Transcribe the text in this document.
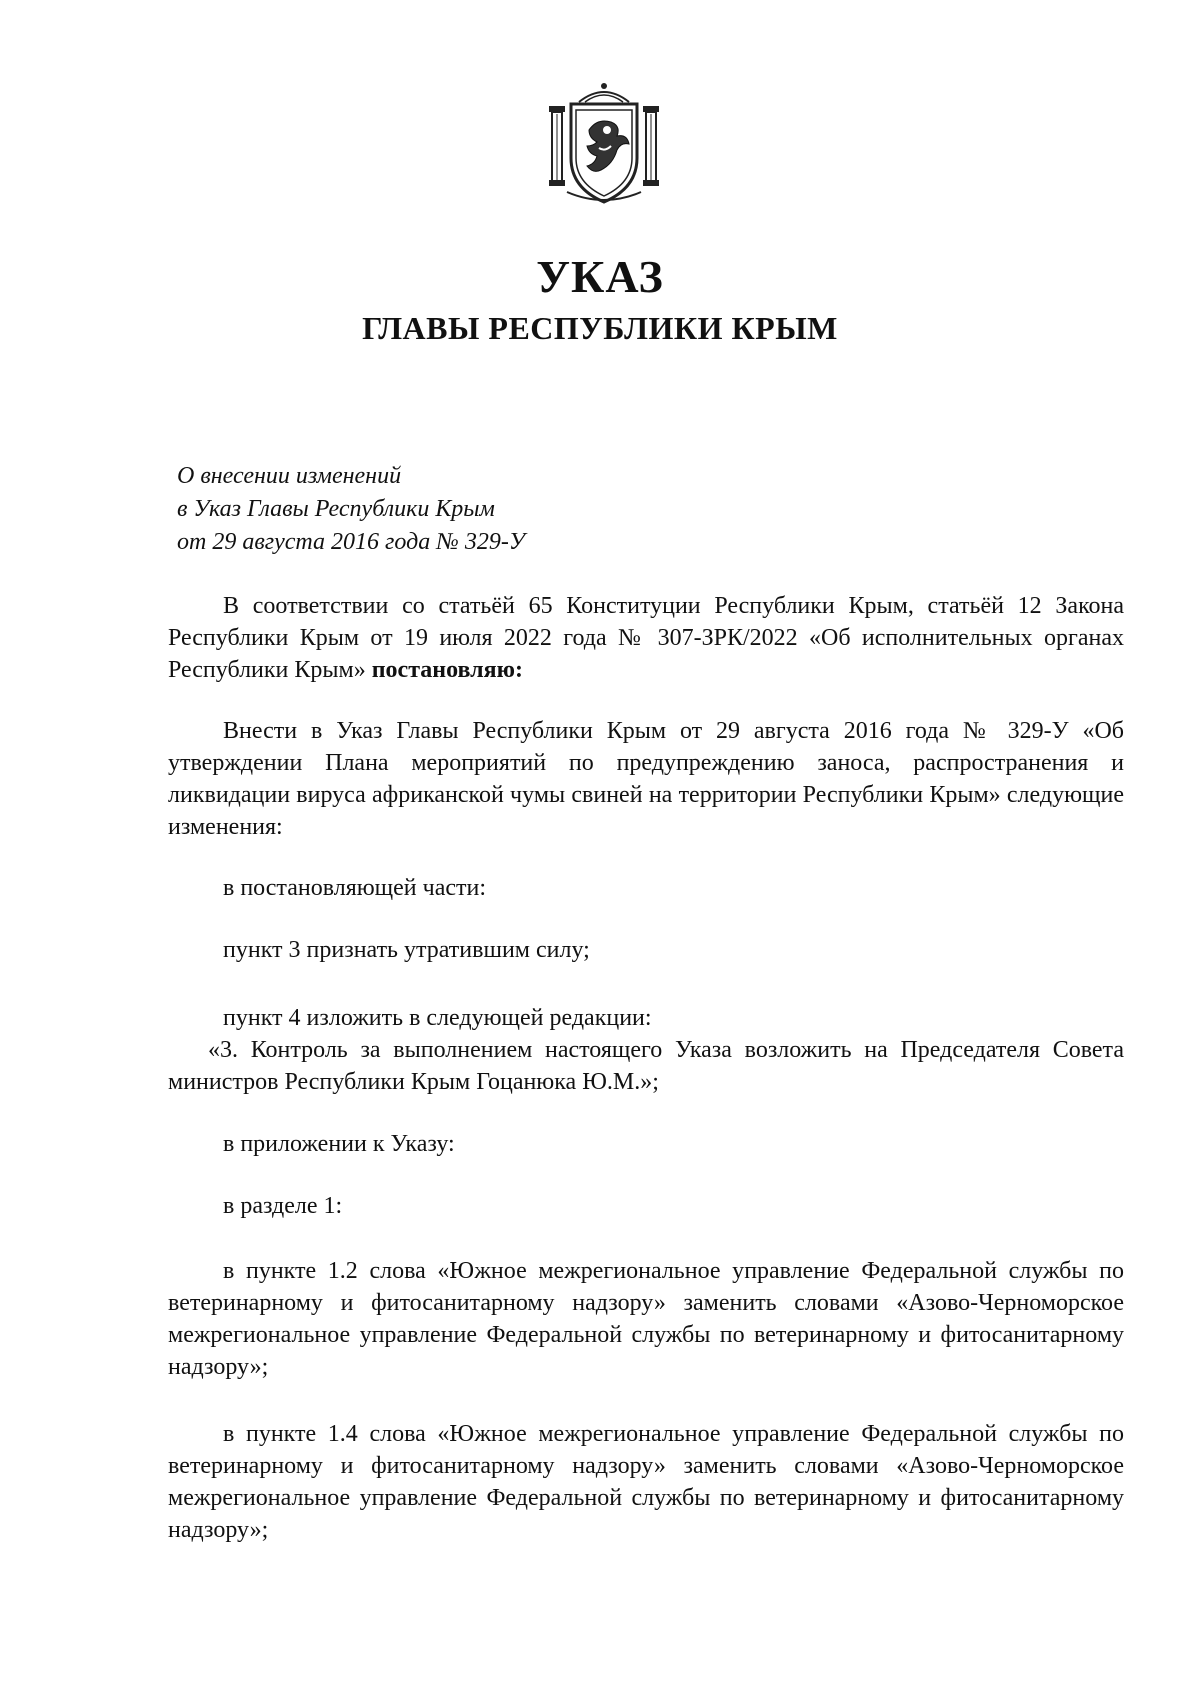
УКАЗ
ГЛАВЫ РЕСПУБЛИКИ КРЫМ
О внесении изменений
в Указ Главы Республики Крым
от 29 августа 2016 года № 329-У

В соответствии со статьёй 65 Конституции Республики Крым, статьёй 12 Закона Республики Крым от 19 июля 2022 года № 307-ЗРК/2022 «Об исполнительных органах Республики Крым» постановляю:

Внести в Указ Главы Республики Крым от 29 августа 2016 года № 329-У «Об утверждении Плана мероприятий по предупреждению заноса, распространения и ликвидации вируса африканской чумы свиней на территории Республики Крым» следующие изменения:

в постановляющей части:

пункт 3 признать утратившим силу;

пункт 4 изложить в следующей редакции:

«3. Контроль за выполнением настоящего Указа возложить на Председателя Совета министров Республики Крым Гоцанюка Ю.М.»;

в приложении к Указу:

в разделе 1:

в пункте 1.2 слова «Южное межрегиональное управление Федеральной службы по ветеринарному и фитосанитарному надзору» заменить словами «Азово-Черноморское межрегиональное управление Федеральной службы по ветеринарному и фитосанитарному надзору»;

в пункте 1.4 слова «Южное межрегиональное управление Федеральной службы по ветеринарному и фитосанитарному надзору» заменить словами «Азово-Черноморское межрегиональное управление Федеральной службы по ветеринарному и фитосанитарному надзору»;
